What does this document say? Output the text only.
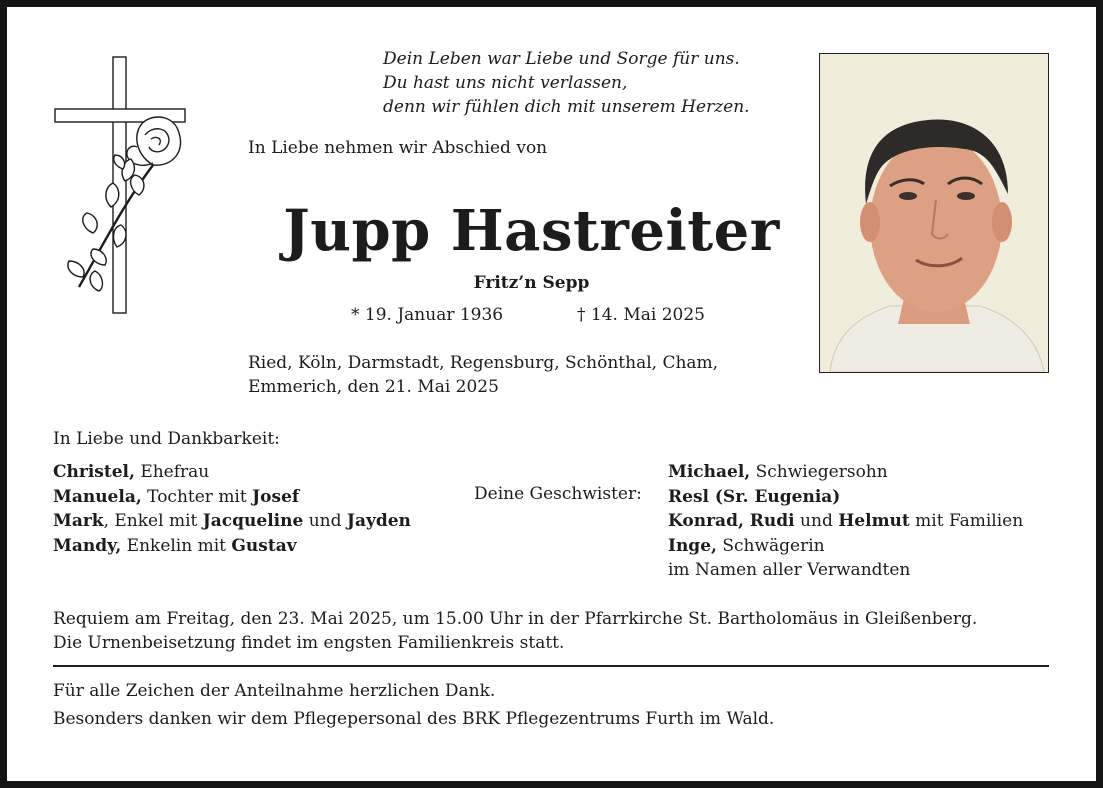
Dein Leben war Liebe und Sorge für uns.
Du hast uns nicht verlassen,
denn wir fühlen dich mit unserem Herzen.
In Liebe nehmen wir Abschied von
Jupp Hastreiter
Fritz’n Sepp
* 19. Januar 1936	† 14. Mai 2025
Ried, Köln, Darmstadt, Regensburg, Schönthal, Cham,
Emmerich, den 21. Mai 2025
In Liebe und Dankbarkeit:
Christel, Ehefrau
Manuela, Tochter mit Josef
Mark, Enkel mit Jacqueline und Jayden
Mandy, Enkelin mit Gustav
Deine Geschwister:
Michael, Schwiegersohn
Resl (Sr. Eugenia)
Konrad, Rudi und Helmut mit Familien
Inge, Schwägerin
im Namen aller Verwandten
Requiem am Freitag, den 23. Mai 2025, um 15.00 Uhr in der Pfarrkirche St. Bartholomäus in Gleißenberg.
Die Urnenbeisetzung findet im engsten Familienkreis statt.
Für alle Zeichen der Anteilnahme herzlichen Dank.
Besonders danken wir dem Pflegepersonal des BRK Pflegezentrums Furth im Wald.
